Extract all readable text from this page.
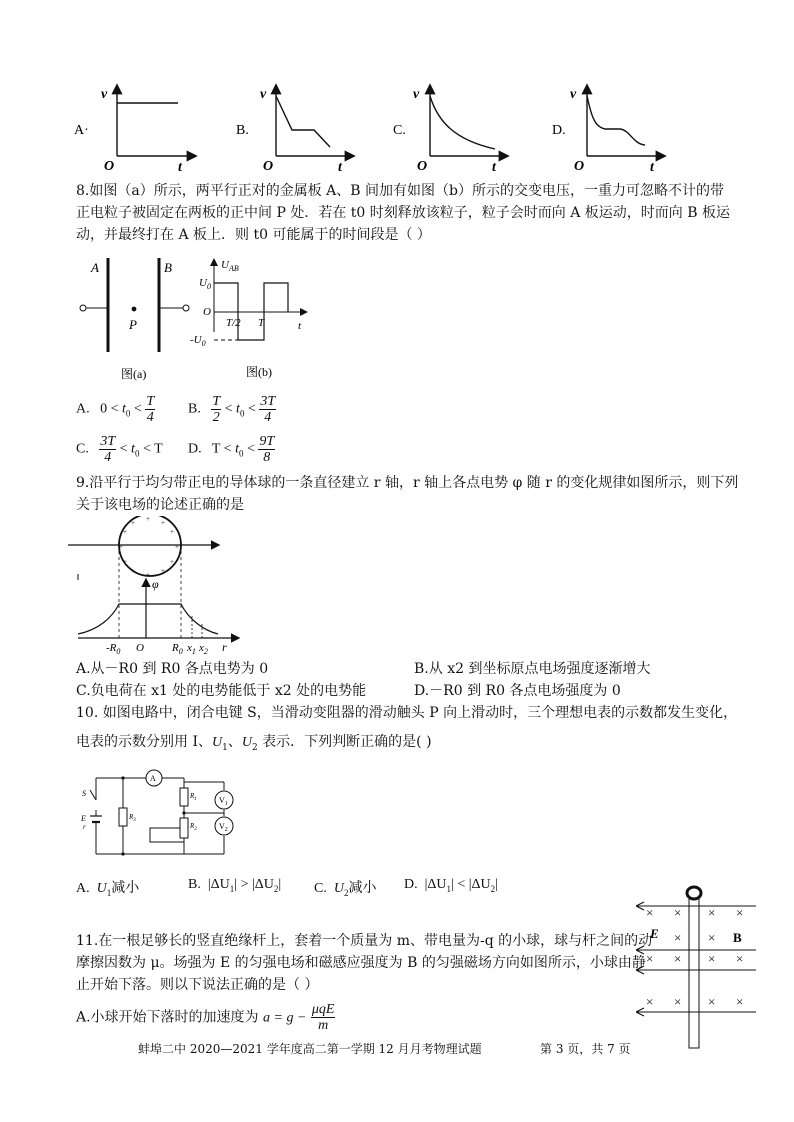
A·
v
O	t
B.
v
O	t
C.
v
O	t
D.
v
O	t
8.如图（a）所示，两平行正对的金属板 A、B 间加有如图（b）所示的交变电压，一重力可忽略不计的带
正电粒子被固定在两板的正中间 P 处．若在 t0 时刻释放该粒子，粒子会时而向 A 板运动，时而向 B 板运
动，并最终打在 A 板上．则 t0 可能属于的时间段是（ ）
A	B
P
图(a)
$U_{AB}$
$U_0$
O
$-U_0$
T/2 T	t
图(b)
A. $0 < t_0 < \frac{T}{4} B$. $\frac{T}{2} < t_0 < \frac{3T}{4}$
C. $\frac{3T}{4} < t_0 < T$ D. $T < t_0 < \frac{9T}{8}$
9.沿平行于均匀带正电的导体球的一条直径建立 r 轴，r 轴上各点电势 φ 随 r 的变化规律如图所示，则下列
关于该电场的论述正确的是
+
+	+
+	+
+	+
+	+
+	+
+
φ
$-R_0$ O	$R_0$ $x_1$ $x_2$ r
A.从－R0 到 R0 各点电势为 0	B.从 x2 到坐标原点电场强度逐渐增大
C.负电荷在 x1 处的电势能低于 x2 处的电势能	D.－R0 到 R0 各点电场强度为 0
10. 如图电路中，闭合电键 S，当滑动变阻器的滑动触头 P 向上滑动时，三个理想电表的示数都发生变化，
电表的示数分别用 I、$U_1$、$U_2$ 表示．下列判断正确的是( )
S
E
r
A
$V_1$
$V_2$
$R_1$
$R_2$
$R_3$
A. $U_1$减小	B. $|\Delta U_1| > |\Delta U_2|$ C. $U_2$减小 D. $|\Delta U_1| < |\Delta U_2|$
× × × ×
× ×
× × × ×
× × × ×
E	B
11.在一根足够长的竖直绝缘杆上，套着一个质量为 m、带电量为-q 的小球，球与杆之间的动
摩擦因数为 μ。场强为 E 的匀强电场和磁感应强度为 B 的匀强磁场方向如图所示，小球由静
止开始下落。则以下说法正确的是（ ）
A.小球开始下落时的加速度为 $a = g - \frac{\text{μqE}}{m}$
蚌埠二中 2020—2021 学年度高二第一学期 12 月月考物理试题	第 3 页，共 7 页
